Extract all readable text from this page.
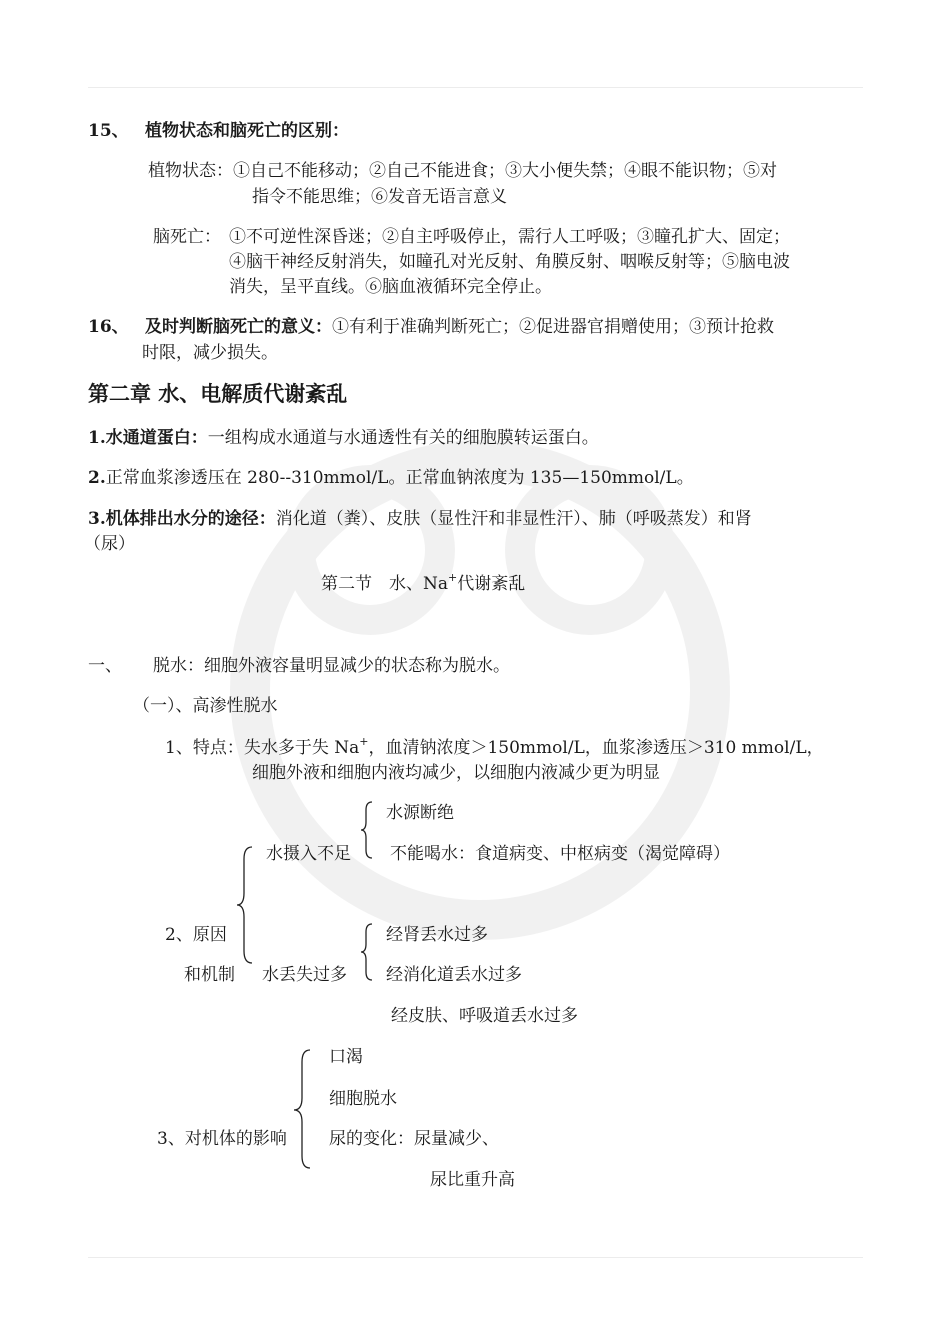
15、 植物状态和脑死亡的区别：
植物状态： ①自己不能移动；②自己不能进食；③大小便失禁；④眼不能识物；⑤对
指令不能思维；⑥发音无语言意义
脑死亡： ①不可逆性深昏迷；②自主呼吸停止，需行人工呼吸；③瞳孔扩大、固定；
④脑干神经反射消失，如瞳孔对光反射、角膜反射、咽喉反射等；⑤脑电波
消失，呈平直线。⑥脑血液循环完全停止。
16、 及时判断脑死亡的意义：①有利于准确判断死亡；②促进器官捐赠使用；③预计抢救
时限，减少损失。
第二章 水、电解质代谢紊乱
1.水通道蛋白：一组构成水通道与水通透性有关的细胞膜转运蛋白。
2.正常血浆渗透压在 280--310mmol/L。正常血钠浓度为 135—150mmol/L。
3.机体排出水分的途径：消化道（粪）、皮肤（显性汗和非显性汗）、肺（呼吸蒸发）和肾
（尿）
第二节　水、Na+代谢紊乱
一、 脱水：细胞外液容量明显减少的状态称为脱水。
（一）、高渗性脱水
1、特点：失水多于失 Na+，血清钠浓度＞150mmol/L，血浆渗透压＞310 mmol/L，
细胞外液和细胞内液均减少，以细胞内液减少更为明显
水源断绝
水摄入不足 不能喝水：食道病变、中枢病变（渴觉障碍）
2、原因	经肾丢水过多
和机制 水丢失过多 经消化道丢水过多
经皮肤、呼吸道丢水过多
口渴
细胞脱水
3、对机体的影响 尿的变化：尿量减少、
尿比重升高
